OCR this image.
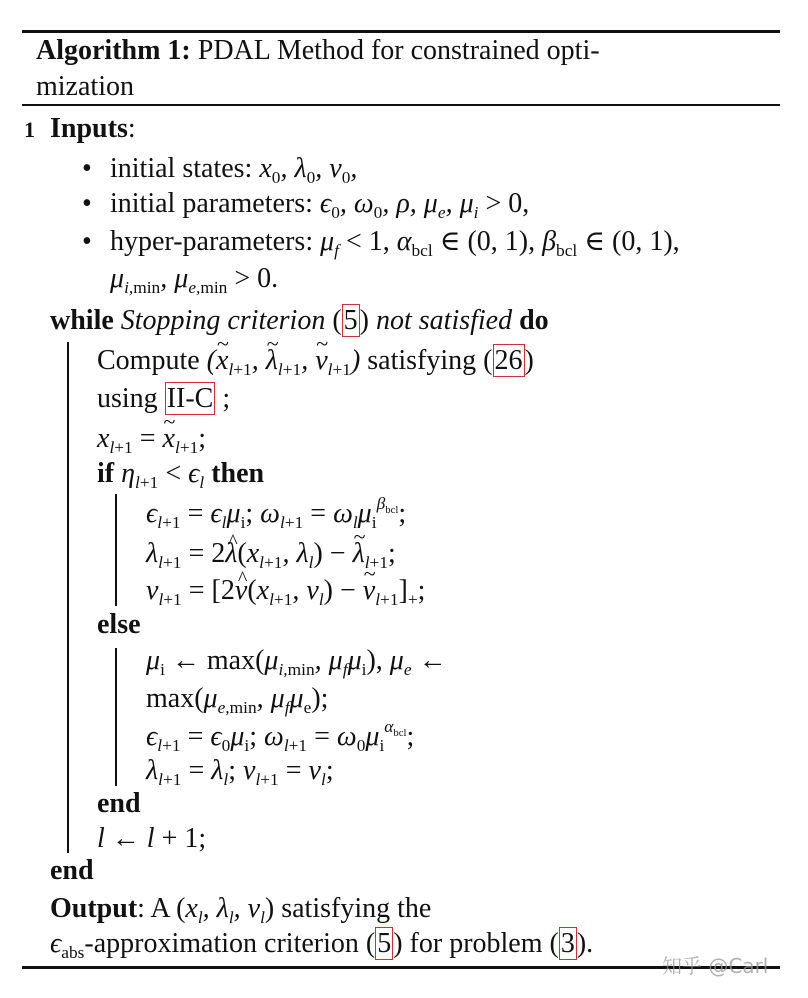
Algorithm 1: PDAL Method for constrained opti-
mization
1 Inputs:
• initial states: $x_0$, $\lambda_0$, $\nu_0$,
• initial parameters: $\epsilon_0$, $\omega_0$, ρ, $\mu_e$, $\mu_i > 0$,
• hyper-parameters: $\mu_f < 1$, $\alpha_{bcl}$ ∈ (0, 1), $\beta_{bcl}$ ∈ (0, 1),
$\mu_{i,min}$, $\mu_{e,min} > 0$.
while Stopping criterion (5) not satisfied do
Compute (~ $x_{l+1}$, ~ $\lambda_{l+1}$, ~ $\nu_{l+1}$) satisfying (26)
using II-C ;
$x_{l+1}$ = ~ $x_{l+1}$;
if $\eta_{l+1} < \epsilon_l$ then
$\epsilon_{l+1} = \epsilon_l\mu_i$; $\omega_{l+1} = \omega_l\mu_i^{\beta_{bcl}}$;
$\lambda_{l+1}$ = 2^ $\lambda(x_{l+1}$, $\lambda_l$) − ~ $\lambda_{l+1}$;
$\nu_{l+1}$ = [2^ $\nu(x_{l+1}$, $\nu_l$) − ~ $\nu_{l+1}]_+$;
else
$\mu_i$ ← $\max(\mu_{i,min}$, $\mu_f\mu_i$), $\mu_e$ ←
$\max(\mu_{e,min}$, $\mu_f\mu_e$);
$\epsilon_{l+1} = \epsilon_0\mu_i$; $\omega_{l+1} = \omega_0\mu_i^{\alpha_{bcl}}$;
$\lambda_{l+1} = \lambda_l$; $\nu_{l+1} = \nu_l$;
end
l ← l + 1;
end
Output: A ($x_l$, $\lambda_l$, $\nu_l$) satisfying the
$\epsilon_{abs}$-approximation criterion (5) for problem (3).
知乎 @Carl
